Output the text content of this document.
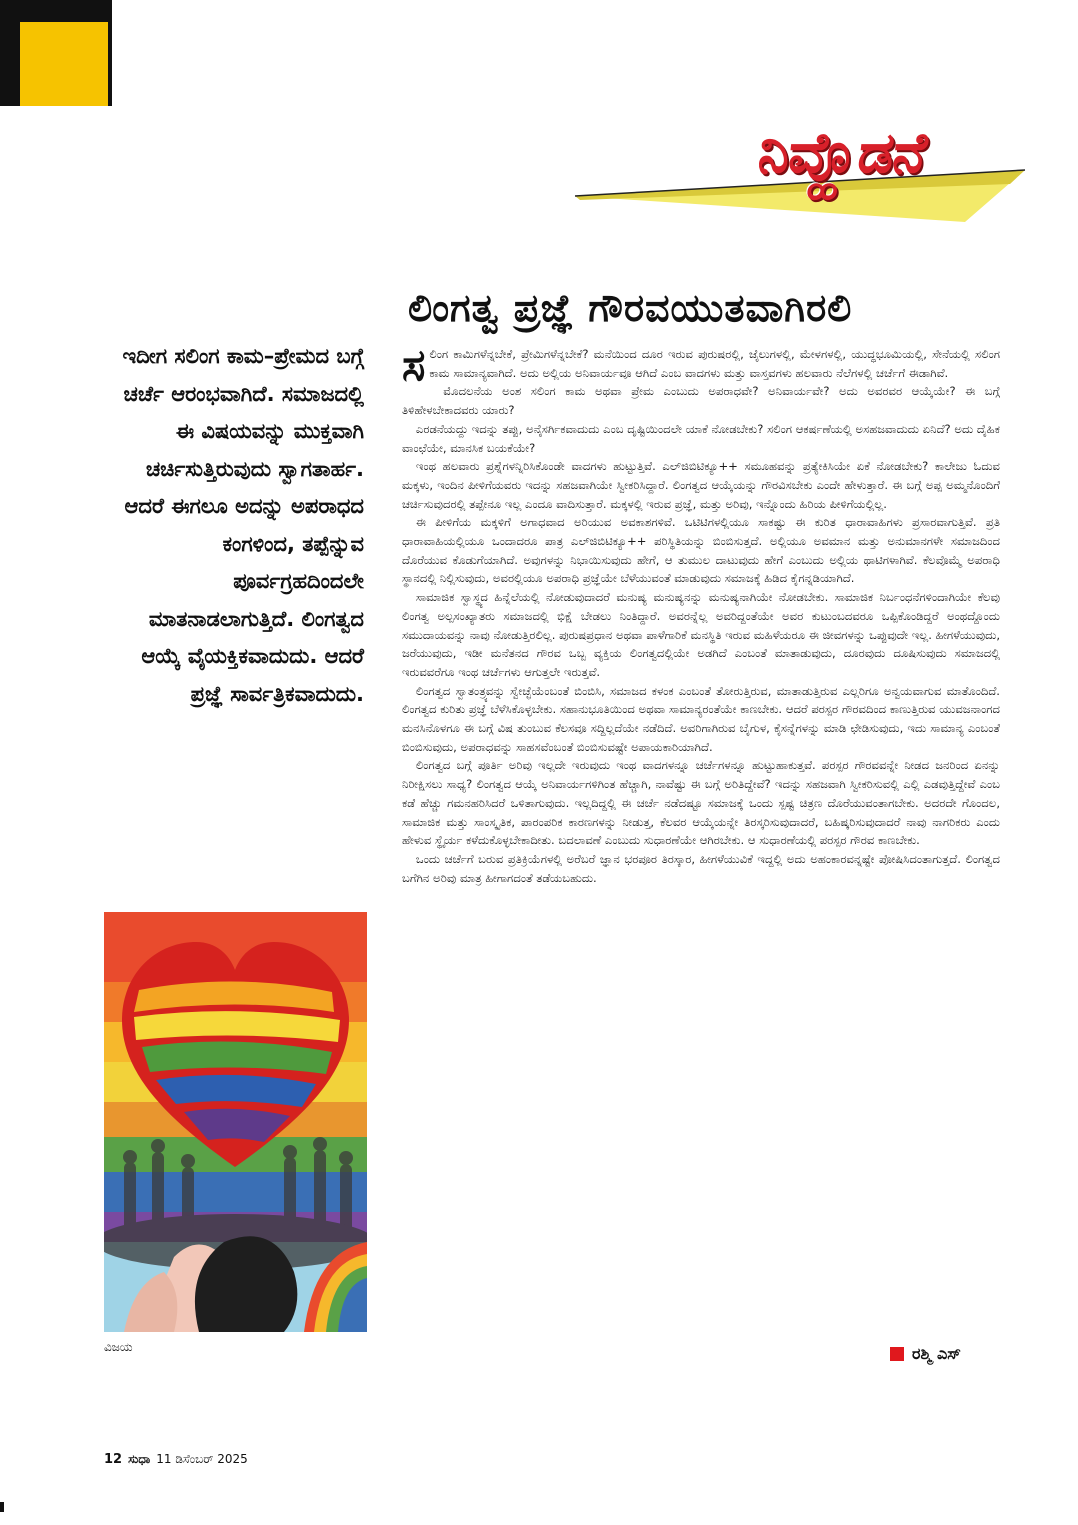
ನಿವ್ಹೊಡನೆ
ಲಿಂಗತ್ವ ಪ್ರಜ್ಞೆ ಗೌರವಯುತವಾಗಿರಲಿ

ಇದೀಗ ಸಲಿಂಗ ಕಾಮ–ಪ್ರೇಮದ ಬಗ್ಗೆ ಚರ್ಚೆ ಆರಂಭವಾಗಿದೆ. ಸಮಾಜದಲ್ಲಿ ಈ ವಿಷಯವನ್ನು ಮುಕ್ತವಾಗಿ ಚರ್ಚಿಸುತ್ತಿರುವುದು ಸ್ವಾಗತಾರ್ಹ. ಆದರೆ ಈಗಲೂ ಅದನ್ನು ಅಪರಾಧದ ಕಂಗಳಿಂದ, ತಪ್ಪೆನ್ನುವ ಪೂರ್ವಗ್ರಹದಿಂದಲೇ ಮಾತನಾಡಲಾಗುತ್ತಿದೆ. ಲಿಂಗತ್ವದ ಆಯ್ಕೆ ವೈಯಕ್ತಿಕವಾದುದು. ಆದರೆ ಪ್ರಜ್ಞೆ ಸಾರ್ವತ್ರಿಕವಾದುದು.

ವಿಜಯ

ಸಲಿಂಗ ಕಾಮಿಗಳೆನ್ನಬೇಕೆ, ಪ್ರೇಮಿಗಳೆನ್ನಬೇಕೆ? ಮನೆಯಿಂದ ದೂರ ಇರುವ ಪುರುಷರಲ್ಲಿ, ಜೈಲುಗಳಲ್ಲಿ, ಮೇಳಗಳಲ್ಲಿ, ಯುದ್ಧಭೂಮಿಯಲ್ಲಿ, ಸೇನೆಯಲ್ಲಿ ಸಲಿಂಗ ಕಾಮ ಸಾಮಾನ್ಯವಾಗಿದೆ. ಅದು ಅಲ್ಲಿಯ ಅನಿವಾರ್ಯವೂ ಆಗಿದೆ ಎಂಬ ವಾದಗಳು ಮತ್ತು ವಾಸ್ತವಗಳು ಹಲವಾರು ನೆಲೆಗಳಲ್ಲಿ ಚರ್ಚೆಗೆ ಈಡಾಗಿವೆ.

ಮೊದಲನೆಯ ಅಂಶ ಸಲಿಂಗ ಕಾಮ ಅಥವಾ ಪ್ರೇಮ ಎಂಬುದು ಅಪರಾಧವೇ? ಅನಿವಾರ್ಯವೇ? ಅದು ಅವರವರ ಆಯ್ಕೆಯೇ? ಈ ಬಗ್ಗೆ ತಿಳಿಹೇಳಬೇಕಾದವರು ಯಾರು?

ಎರಡನೆಯದ್ದು ಇದನ್ನು ತಪ್ಪು, ಅನೈಸರ್ಗಿಕವಾದುದು ಎಂಬ ದೃಷ್ಟಿಯಿಂದಲೇ ಯಾಕೆ ನೋಡಬೇಕು? ಸಲಿಂಗ ಆಕರ್ಷಣೆಯಲ್ಲಿ ಅಸಹಜವಾದುದು ಏನಿದೆ? ಅದು ದೈಹಿಕ ವಾಂಛೆಯೇ, ಮಾನಸಿಕ ಬಯಕೆಯೇ?

ಇಂಥ ಹಲವಾರು ಪ್ರಶ್ನೆಗಳನ್ನಿರಿಸಿಕೊಂಡೇ ವಾದಗಳು ಹುಟ್ಟುತ್ತಿವೆ. ಎಲ್‌ಜಿಬಿಟಿಕ್ಯೂ++ ಸಮೂಹವನ್ನು ಪ್ರತ್ಯೇಕಿಸಿಯೇ ಏಕೆ ನೋಡಬೇಕು? ಕಾಲೇಜು ಓದುವ ಮಕ್ಕಳು, ಇಂದಿನ ಪೀಳಿಗೆಯವರು ಇದನ್ನು ಸಹಜವಾಗಿಯೇ ಸ್ವೀಕರಿಸಿದ್ದಾರೆ. ಲಿಂಗತ್ವದ ಆಯ್ಕೆಯನ್ನು ಗೌರವಿಸಬೇಕು ಎಂದೇ ಹೇಳುತ್ತಾರೆ. ಈ ಬಗ್ಗೆ ಅಪ್ಪ ಅಮ್ಮನೊಂದಿಗೆ ಚರ್ಚಿಸುವುದರಲ್ಲಿ ತಪ್ಪೇನೂ ಇಲ್ಲ ಎಂದೂ ವಾದಿಸುತ್ತಾರೆ. ಮಕ್ಕಳಲ್ಲಿ ಇರುವ ಪ್ರಜ್ಞೆ, ಮತ್ತು ಅರಿವು, ಇನ್ನೊಂದು ಹಿರಿಯ ಪೀಳಿಗೆಯಲ್ಲಿಲ್ಲ.

ಈ ಪೀಳಿಗೆಯ ಮಕ್ಕಳಿಗೆ ಅಗಾಧವಾದ ಅರಿಯುವ ಅವಕಾಶಗಳಿವೆ. ಒಟಿಟಿಗಳಲ್ಲಿಯೂ ಸಾಕಷ್ಟು ಈ ಕುರಿತ ಧಾರಾವಾಹಿಗಳು ಪ್ರಸಾರವಾಗುತ್ತಿವೆ. ಪ್ರತಿ ಧಾರಾವಾಹಿಯಲ್ಲಿಯೂ ಒಂದಾದರೂ ಪಾತ್ರ ಎಲ್‌ಜಿಬಿಟಿಕ್ಯೂ++ ಪರಿಸ್ಥಿತಿಯನ್ನು ಬಿಂಬಿಸುತ್ತದೆ. ಅಲ್ಲಿಯೂ ಅವಮಾನ ಮತ್ತು ಅನುಮಾನಗಳೇ ಸಮಾಜದಿಂದ ದೊರೆಯುವ ಕೊಡುಗೆಯಾಗಿದೆ. ಅವುಗಳನ್ನು ನಿಭಾಯಿಸುವುದು ಹೇಗೆ, ಆ ತುಮುಲ ದಾಟುವುದು ಹೇಗೆ ಎಂಬುದು ಅಲ್ಲಿಯ ಥಾಟಿಗಳಾಗಿವೆ. ಕೆಲವೊಮ್ಮೆ ಅಪರಾಧಿ ಸ್ಥಾನದಲ್ಲಿ ನಿಲ್ಲಿಸುವುದು, ಅವರಲ್ಲಿಯೂ ಅಪರಾಧಿ ಪ್ರಜ್ಞೆಯೇ ಬೆಳೆಯುವಂತೆ ಮಾಡುವುದು ಸಮಾಜಕ್ಕೆ ಹಿಡಿದ ಕೈಗನ್ನಡಿಯಾಗಿದೆ.

ಸಾಮಾಜಿಕ ಸ್ವಾಸ್ಥ್ಯದ ಹಿನ್ನೆಲೆಯಲ್ಲಿ ನೋಡುವುದಾದರೆ ಮನುಷ್ಯ ಮನುಷ್ಯನನ್ನು ಮನುಷ್ಯನಾಗಿಯೇ ನೋಡಬೇಕು. ಸಾಮಾಜಿಕ ನಿರ್ಬಂಧನೆಗಳಿಂದಾಗಿಯೇ ಕೆಲವು ಲಿಂಗತ್ವ ಅಲ್ಪಸಂಖ್ಯಾತರು ಸಮಾಜದಲ್ಲಿ ಭಿಕ್ಷೆ ಬೇಡಲು ನಿಂತಿದ್ದಾರೆ. ಅವರನ್ನೆಲ್ಲ ಅವರಿದ್ದಂತೆಯೇ ಅವರ ಕುಟುಂಬದವರೂ ಒಪ್ಪಿಕೊಂಡಿದ್ದರೆ ಅಂಥದ್ದೊಂದು ಸಮುದಾಯವನ್ನು ನಾವು ನೋಡುತ್ತಿರಲಿಲ್ಲ. ಪುರುಷಪ್ರಧಾನ ಅಥವಾ ಪಾಳೆಗಾರಿಕೆ ಮನಸ್ಥಿತಿ ಇರುವ ಮಹಿಳೆಯರೂ ಈ ಜೀವಗಳನ್ನು ಒಪ್ಪುವುದೇ ಇಲ್ಲ. ಹೀಗಳೆಯುವುದು, ಜರೆಯುವುದು, ಇಡೀ ಮನೆತನದ ಗೌರವ ಒಬ್ಬ ವ್ಯಕ್ತಿಯ ಲಿಂಗತ್ವದಲ್ಲಿಯೇ ಅಡಗಿದೆ ಎಂಬಂತೆ ಮಾತಾಡುವುದು, ದೂರವುದು ದೂಷಿಸುವುದು ಸಮಾಜದಲ್ಲಿ ಇರುವವರೆಗೂ ಇಂಥ ಚರ್ಚೆಗಳು ಆಗುತ್ತಲೇ ಇರುತ್ತವೆ.

ಲಿಂಗತ್ವದ ಸ್ವಾತಂತ್ರ್ಯವನ್ನು ಸ್ವೇಚ್ಛೆಯೆಂಬಂತೆ ಬಿಂಬಿಸಿ, ಸಮಾಜದ ಕಳಂಕ ಎಂಬಂತೆ ತೋರುತ್ತಿರುವ, ಮಾತಾಡುತ್ತಿರುವ ಎಲ್ಲರಿಗೂ ಅನ್ವಯವಾಗುವ ಮಾತೊಂದಿದೆ. ಲಿಂಗತ್ವದ ಕುರಿತು ಪ್ರಜ್ಞೆ ಬೆಳೆಸಿಕೊಳ್ಳಬೇಕು. ಸಹಾನುಭೂತಿಯಿಂದ ಅಥವಾ ಸಾಮಾನ್ಯರಂತೆಯೇ ಕಾಣಬೇಕು. ಆದರೆ ಪರಸ್ಪರ ಗೌರವದಿಂದ ಕಾಣುತ್ತಿರುವ ಯುವಜನಾಂಗದ ಮನಸಿನೊಳಗೂ ಈ ಬಗ್ಗೆ ವಿಷ ತುಂಬುವ ಕೆಲಸವೂ ಸದ್ದಿಲ್ಲದೆಯೇ ನಡೆದಿದೆ. ಅವರಿಗಾಗಿರುವ ಬೈಗುಳ, ಕೈಸನ್ನೆಗಳನ್ನು ಮಾಡಿ ಛೇಡಿಸುವುದು, ಇದು ಸಾಮಾನ್ಯ ಎಂಬಂತೆ ಬಿಂಬಿಸುವುದು, ಅಪರಾಧವನ್ನು ಸಾಹಸವೆಂಬಂತೆ ಬಿಂಬಿಸುವಷ್ಟೇ ಅಪಾಯಕಾರಿಯಾಗಿದೆ.

ಲಿಂಗತ್ವದ ಬಗ್ಗೆ ಪೂರ್ತಿ ಅರಿವು ಇಲ್ಲದೇ ಇರುವುದು ಇಂಥ ವಾದಗಳನ್ನೂ ಚರ್ಚೆಗಳನ್ನೂ ಹುಟ್ಟುಹಾಕುತ್ತವೆ. ಪರಸ್ಪರ ಗೌರವವನ್ನೇ ನೀಡದ ಜನರಿಂದ ಏನನ್ನು ನಿರೀಕ್ಷಿಸಲು ಸಾಧ್ಯ? ಲಿಂಗತ್ವದ ಆಯ್ಕೆ ಅನಿವಾರ್ಯಗಳಿಗಿಂತ ಹೆಚ್ಚಾಗಿ, ನಾವೆಷ್ಟು ಈ ಬಗ್ಗೆ ಅರಿತಿದ್ದೇವೆ? ಇದನ್ನು ಸಹಜವಾಗಿ ಸ್ವೀಕರಿಸುವಲ್ಲಿ ಎಲ್ಲಿ ಎಡವುತ್ತಿದ್ದೇವೆ ಎಂಬ ಕಡೆ ಹೆಚ್ಚು ಗಮನಹರಿಸಿದರೆ ಒಳಿತಾಗುವುದು. ಇಲ್ಲದಿದ್ದಲ್ಲಿ ಈ ಚರ್ಚೆ ನಡೆದಷ್ಟೂ ಸಮಾಜಕ್ಕೆ ಒಂದು ಸ್ಪಷ್ಟ ಚಿತ್ರಣ ದೊರೆಯುವಂತಾಗಬೇಕು. ಅದರದೇ ಗೊಂದಲ, ಸಾಮಾಜಿಕ ಮತ್ತು ಸಾಂಸ್ಕೃತಿಕ, ಪಾರಂಪರಿಕ ಕಾರಣಗಳನ್ನು ನೀಡುತ್ತ, ಕೆಲವರ ಆಯ್ಕೆಯನ್ನೇ ತಿರಸ್ಕರಿಸುವುದಾದರೆ, ಬಹಿಷ್ಕರಿಸುವುದಾದರೆ ನಾವು ನಾಗರಿಕರು ಎಂದು ಹೇಳುವ ಸ್ಥೈರ್ಯ ಕಳೆದುಕೊಳ್ಳಬೇಕಾದೀತು. ಬದಲಾವಣೆ ಎಂಬುದು ಸುಧಾರಣೆಯೇ ಆಗಿರಬೇಕು. ಆ ಸುಧಾರಣೆಯಲ್ಲಿ ಪರಸ್ಪರ ಗೌರವ ಕಾಣಬೇಕು.

ಒಂದು ಚರ್ಚೆಗೆ ಬರುವ ಪ್ರತಿಕ್ರಿಯೆಗಳಲ್ಲಿ ಅರೆಬರೆ ಜ್ಞಾನ ಭರಪೂರ ತಿರಸ್ಕಾರ, ಹೀಗಳೆಯುವಿಕೆ ಇದ್ದಲ್ಲಿ ಅದು ಅಹಂಕಾರವನ್ನಷ್ಟೇ ಪೋಷಿಸಿದಂತಾಗುತ್ತದೆ. ಲಿಂಗತ್ವದ ಬಗೆಗಿನ ಅರಿವು ಮಾತ್ರ ಹೀಗಾಗದಂತೆ ತಡೆಯಬಹುದು.

ರಶ್ಮಿ ಎಸ್
12 ಸುಧಾ 11 ಡಿಸೆಂಬರ್ 2025
